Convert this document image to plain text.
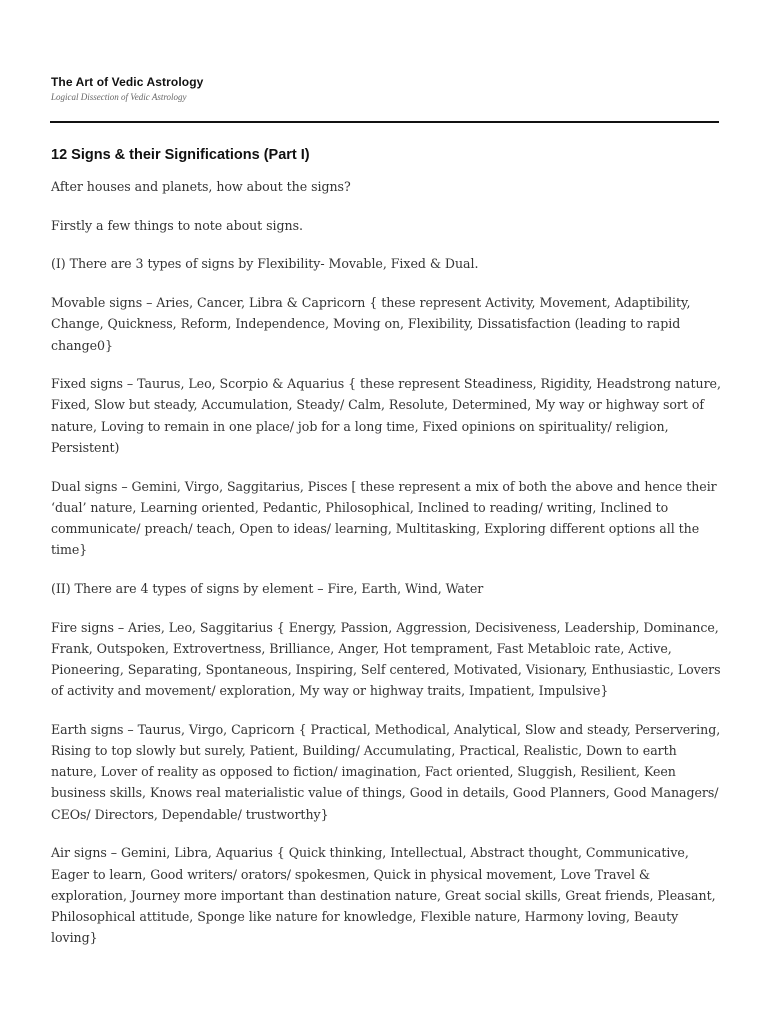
The Art of Vedic Astrology
Logical Dissection of Vedic Astrology
12 Signs & their Significations (Part I)

After houses and planets, how about the signs?

Firstly a few things to note about signs.

(I) There are 3 types of signs by Flexibility- Movable, Fixed & Dual.

Movable signs – Aries, Cancer, Libra & Capricorn { these represent Activity, Movement, Adaptibility, Change, Quickness, Reform, Independence, Moving on, Flexibility, Dissatisfaction (leading to rapid change0}

Fixed signs – Taurus, Leo, Scorpio & Aquarius { these represent Steadiness, Rigidity, Headstrong nature, Fixed, Slow but steady, Accumulation, Steady/ Calm, Resolute, Determined, My way or highway sort of nature, Loving to remain in one place/ job for a long time, Fixed opinions on spirituality/ religion, Persistent)

Dual signs – Gemini, Virgo, Saggitarius, Pisces [ these represent a mix of both the above and hence their ‘dual’ nature, Learning oriented, Pedantic, Philosophical, Inclined to reading/ writing, Inclined to communicate/ preach/ teach, Open to ideas/ learning, Multitasking, Exploring different options all the time}

(II) There are 4 types of signs by element – Fire, Earth, Wind, Water

Fire signs – Aries, Leo, Saggitarius { Energy, Passion, Aggression, Decisiveness, Leadership, Dominance, Frank, Outspoken, Extrovertness, Brilliance, Anger, Hot temprament, Fast Metabloic rate, Active, Pioneering, Separating, Spontaneous, Inspiring, Self centered, Motivated, Visionary, Enthusiastic, Lovers of activity and movement/ exploration, My way or highway traits, Impatient, Impulsive}

Earth signs – Taurus, Virgo, Capricorn { Practical, Methodical, Analytical, Slow and steady, Perservering, Rising to top slowly but surely, Patient, Building/ Accumulating, Practical, Realistic, Down to earth nature, Lover of reality as opposed to fiction/ imagination, Fact oriented, Sluggish, Resilient, Keen business skills, Knows real materialistic value of things, Good in details, Good Planners, Good Managers/ CEOs/ Directors, Dependable/ trustworthy}

Air signs – Gemini, Libra, Aquarius { Quick thinking, Intellectual, Abstract thought, Communicative, Eager to learn, Good writers/ orators/ spokesmen, Quick in physical movement, Love Travel & exploration, Journey more important than destination nature, Great social skills, Great friends, Pleasant, Philosophical attitude, Sponge like nature for knowledge, Flexible nature, Harmony loving, Beauty loving}
